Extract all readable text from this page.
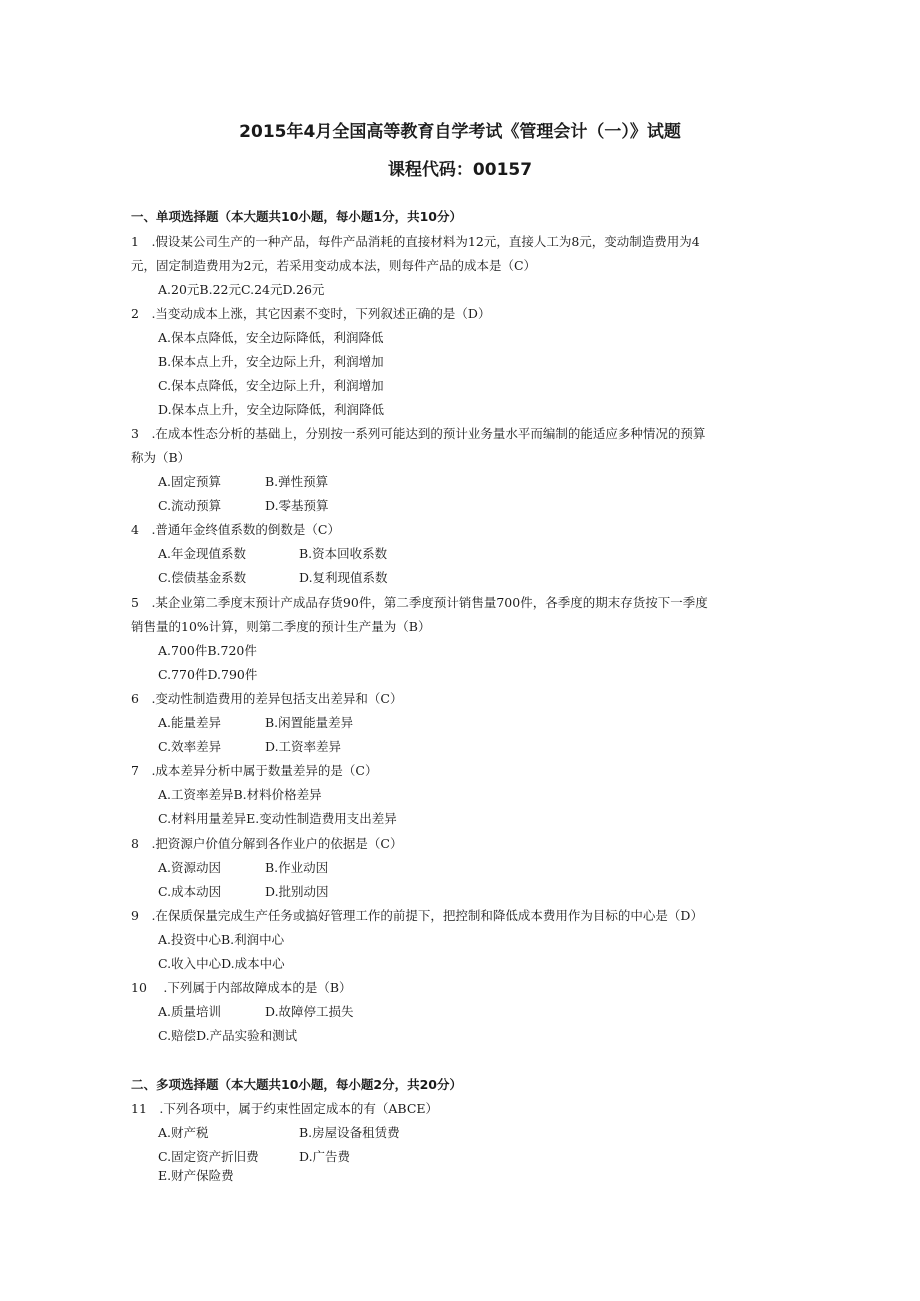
2015年4月全国高等教育自学考试《管理会计（一）》试题
课程代码：00157
一、单项选择题（本大题共10小题，每小题1分，共10分）
1　.假设某公司生产的一种产品，每件产品消耗的直接材料为12元，直接人工为8元，变动制造费用为4
元，固定制造费用为2元，若采用变动成本法，则每件产品的成本是（C）
A.20元B.22元C.24元D.26元
2　.当变动成本上涨，其它因素不变时，下列叙述正确的是（D）
A.保本点降低，安全边际降低，利润降低
B.保本点上升，安全边际上升，利润增加
C.保本点降低，安全边际上升，利润增加
D.保本点上升，安全边际降低，利润降低
3　.在成本性态分析的基础上，分别按一系列可能达到的预计业务量水平而编制的能适应多种情况的预算
称为（B）
A.固定预算	B.弹性预算
C.流动预算	D.零基预算
4　.普通年金终值系数的倒数是（C）
A.年金现值系数	B.资本回收系数
C.偿债基金系数	D.复利现值系数
5　.某企业第二季度末预计产成品存货90件，第二季度预计销售量700件，各季度的期末存货按下一季度
销售量的10%计算，则第二季度的预计生产量为（B）
A.700件B.720件
C.770件D.790件
6　.变动性制造费用的差异包括支出差异和（C）
A.能量差异	B.闲置能量差异
C.效率差异	D.工资率差异
7　.成本差异分析中属于数量差异的是（C）
A.工资率差异B.材料价格差异
C.材料用量差异E.变动性制造费用支出差异
8　.把资源户价值分解到各作业户的依据是（C）
A.资源动因	B.作业动因
C.成本动因	D.批别动因
9　.在保质保量完成生产任务或搞好管理工作的前提下，把控制和降低成本费用作为目标的中心是（D）
A.投资中心B.利润中心
C.收入中心D.成本中心
10　 .下列属于内部故障成本的是（B）
A.质量培训	D.故障停工损失
C.赔偿D.产品实验和测试
二、多项选择题（本大题共10小题，每小题2分，共20分）
11　.下列各项中，属于约束性固定成本的有（ABCE）
A.财产税	B.房屋设备租赁费
C.固定资产折旧费	D.广告费
E.财产保险费
